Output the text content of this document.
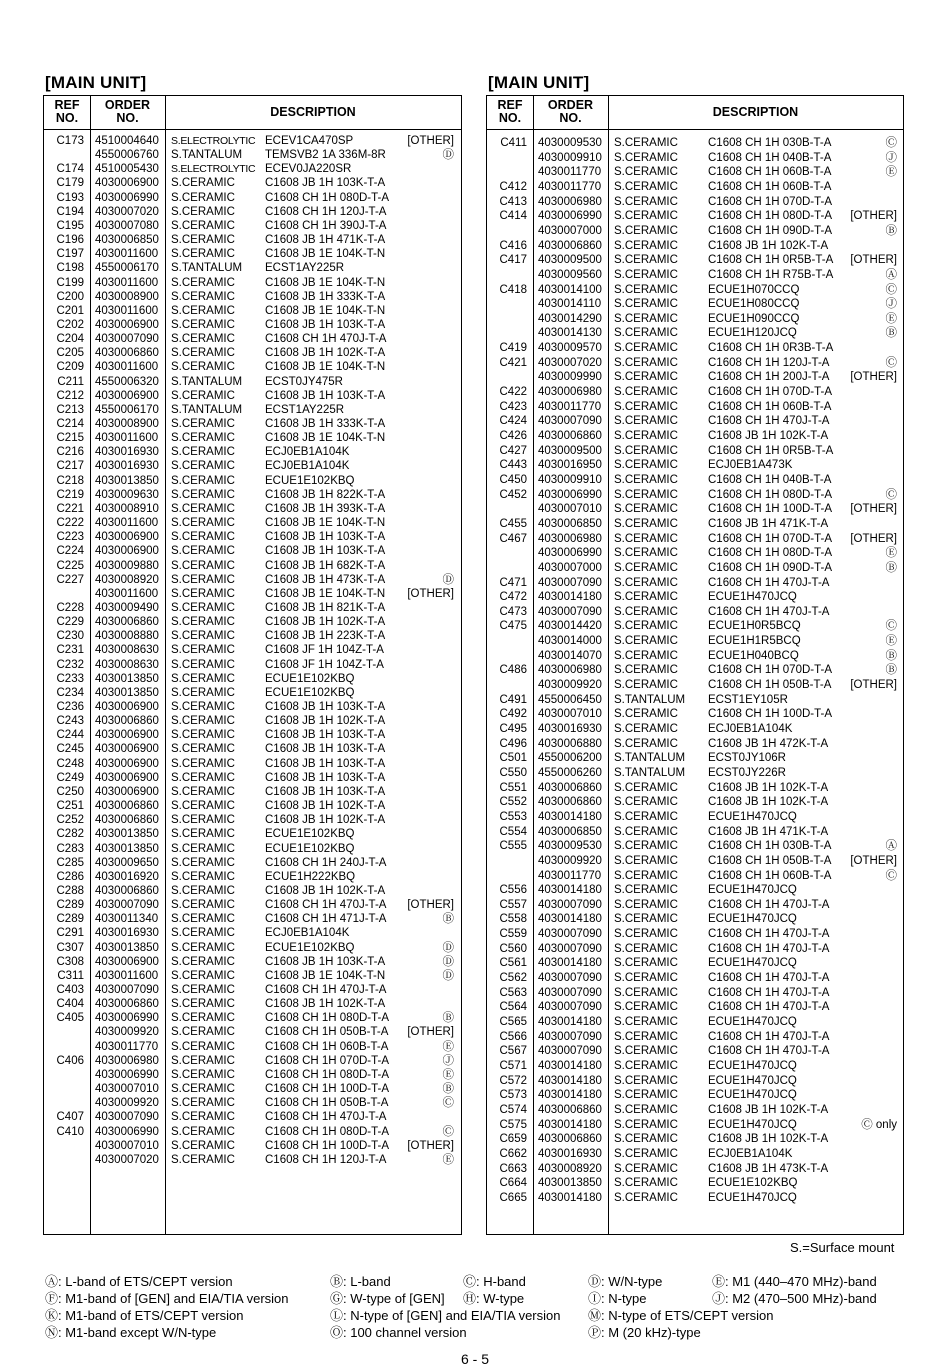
[MAIN UNIT]	[MAIN UNIT]
REF
NO.
ORDER
NO.	DESCRIPTION
C173 4510004640	S.ELECTROLYTIC ECEV1CA470SP	[OTHER]
4550006760	S.TANTALUM	TEMSVB2 1A 336M-8R	Ⓓ
C174 4510005430	S.ELECTROLYTIC ECEV0JA220SR
C179 4030006900	S.CERAMIC	C1608 JB 1H 103K-T-A
C193 4030006990	S.CERAMIC	C1608 CH 1H 080D-T-A
C194 4030007020	S.CERAMIC	C1608 CH 1H 120J-T-A
C195 4030007080	S.CERAMIC	C1608 CH 1H 390J-T-A
C196 4030006850	S.CERAMIC	C1608 JB 1H 471K-T-A
C197 4030011600	S.CERAMIC	C1608 JB 1E 104K-T-N
C198 4550006170	S.TANTALUM	ECST1AY225R
C199 4030011600	S.CERAMIC	C1608 JB 1E 104K-T-N
C200 4030008900	S.CERAMIC	C1608 JB 1H 333K-T-A
C201 4030011600	S.CERAMIC	C1608 JB 1E 104K-T-N
C202 4030006900	S.CERAMIC	C1608 JB 1H 103K-T-A
C204 4030007090	S.CERAMIC	C1608 CH 1H 470J-T-A
C205 4030006860	S.CERAMIC	C1608 JB 1H 102K-T-A
C209 4030011600	S.CERAMIC	C1608 JB 1E 104K-T-N
C211 4550006320	S.TANTALUM	ECST0JY475R
C212 4030006900	S.CERAMIC	C1608 JB 1H 103K-T-A
C213 4550006170	S.TANTALUM	ECST1AY225R
C214 4030008900	S.CERAMIC	C1608 JB 1H 333K-T-A
C215 4030011600	S.CERAMIC	C1608 JB 1E 104K-T-N
C216 4030016930	S.CERAMIC	ECJ0EB1A104K
C217 4030016930	S.CERAMIC	ECJ0EB1A104K
C218 4030013850	S.CERAMIC	ECUE1E102KBQ
C219 4030009630	S.CERAMIC	C1608 JB 1H 822K-T-A
C221 4030008910	S.CERAMIC	C1608 JB 1H 393K-T-A
C222 4030011600	S.CERAMIC	C1608 JB 1E 104K-T-N
C223 4030006900	S.CERAMIC	C1608 JB 1H 103K-T-A
C224 4030006900	S.CERAMIC	C1608 JB 1H 103K-T-A
C225 4030009880	S.CERAMIC	C1608 JB 1H 682K-T-A
C227 4030008920	S.CERAMIC	C1608 JB 1H 473K-T-A	Ⓓ
4030011600	S.CERAMIC	C1608 JB 1E 104K-T-N	[OTHER]
C228 4030009490	S.CERAMIC	C1608 JB 1H 821K-T-A
C229 4030006860	S.CERAMIC	C1608 JB 1H 102K-T-A
C230 4030008880	S.CERAMIC	C1608 JB 1H 223K-T-A
C231 4030008630	S.CERAMIC	C1608 JF 1H 104Z-T-A
C232 4030008630	S.CERAMIC	C1608 JF 1H 104Z-T-A
C233 4030013850	S.CERAMIC	ECUE1E102KBQ
C234 4030013850	S.CERAMIC	ECUE1E102KBQ
C236 4030006900	S.CERAMIC	C1608 JB 1H 103K-T-A
C243 4030006860	S.CERAMIC	C1608 JB 1H 102K-T-A
C244 4030006900	S.CERAMIC	C1608 JB 1H 103K-T-A
C245 4030006900	S.CERAMIC	C1608 JB 1H 103K-T-A
C248 4030006900	S.CERAMIC	C1608 JB 1H 103K-T-A
C249 4030006900	S.CERAMIC	C1608 JB 1H 103K-T-A
C250 4030006900	S.CERAMIC	C1608 JB 1H 103K-T-A
C251 4030006860	S.CERAMIC	C1608 JB 1H 102K-T-A
C252 4030006860	S.CERAMIC	C1608 JB 1H 102K-T-A
C282 4030013850	S.CERAMIC	ECUE1E102KBQ
C283 4030013850	S.CERAMIC	ECUE1E102KBQ
C285 4030009650	S.CERAMIC	C1608 CH 1H 240J-T-A
C286 4030016920	S.CERAMIC	ECUE1H222KBQ
C288 4030006860	S.CERAMIC	C1608 JB 1H 102K-T-A
C289 4030007090	S.CERAMIC	C1608 CH 1H 470J-T-A	[OTHER]
C289 4030011340	S.CERAMIC	C1608 CH 1H 471J-T-A	Ⓑ
C291 4030016930	S.CERAMIC	ECJ0EB1A104K
C307 4030013850	S.CERAMIC	ECUE1E102KBQ	Ⓓ
C308 4030006900	S.CERAMIC	C1608 JB 1H 103K-T-A	Ⓓ
C311 4030011600	S.CERAMIC	C1608 JB 1E 104K-T-N	Ⓓ
C403 4030007090	S.CERAMIC	C1608 CH 1H 470J-T-A
C404 4030006860	S.CERAMIC	C1608 JB 1H 102K-T-A
C405 4030006990	S.CERAMIC	C1608 CH 1H 080D-T-A	Ⓑ
4030009920	S.CERAMIC	C1608 CH 1H 050B-T-A	[OTHER]
4030011770	S.CERAMIC	C1608 CH 1H 060B-T-A	Ⓔ
C406 4030006980	S.CERAMIC	C1608 CH 1H 070D-T-A	Ⓙ
4030006990	S.CERAMIC	C1608 CH 1H 080D-T-A	Ⓔ
4030007010	S.CERAMIC	C1608 CH 1H 100D-T-A	Ⓑ
4030009920	S.CERAMIC	C1608 CH 1H 050B-T-A	Ⓒ
C407 4030007090	S.CERAMIC	C1608 CH 1H 470J-T-A
C410 4030006990	S.CERAMIC	C1608 CH 1H 080D-T-A	Ⓒ
4030007010	S.CERAMIC	C1608 CH 1H 100D-T-A	[OTHER]
4030007020	S.CERAMIC	C1608 CH 1H 120J-T-A	Ⓔ
REF
NO.
ORDER
NO.	DESCRIPTION
C411 4030009530	S.CERAMIC	C1608 CH 1H 030B-T-A	Ⓒ
4030009910	S.CERAMIC	C1608 CH 1H 040B-T-A	Ⓙ
4030011770	S.CERAMIC	C1608 CH 1H 060B-T-A	Ⓔ
C412 4030011770	S.CERAMIC	C1608 CH 1H 060B-T-A
C413 4030006980	S.CERAMIC	C1608 CH 1H 070D-T-A
C414 4030006990	S.CERAMIC	C1608 CH 1H 080D-T-A	[OTHER]
4030007000	S.CERAMIC	C1608 CH 1H 090D-T-A	Ⓑ
C416 4030006860	S.CERAMIC	C1608 JB 1H 102K-T-A
C417 4030009500	S.CERAMIC	C1608 CH 1H 0R5B-T-A	[OTHER]
4030009560	S.CERAMIC	C1608 CH 1H R75B-T-A	Ⓐ
C418 4030014100	S.CERAMIC	ECUE1H070CCQ	Ⓒ
4030014110	S.CERAMIC	ECUE1H080CCQ	Ⓙ
4030014290	S.CERAMIC	ECUE1H090CCQ	Ⓔ
4030014130	S.CERAMIC	ECUE1H120JCQ	Ⓑ
C419 4030009570	S.CERAMIC	C1608 CH 1H 0R3B-T-A
C421 4030007020	S.CERAMIC	C1608 CH 1H 120J-T-A	Ⓒ
4030009990	S.CERAMIC	C1608 CH 1H 200J-T-A	[OTHER]
C422 4030006980	S.CERAMIC	C1608 CH 1H 070D-T-A
C423 4030011770	S.CERAMIC	C1608 CH 1H 060B-T-A
C424 4030007090	S.CERAMIC	C1608 CH 1H 470J-T-A
C426 4030006860	S.CERAMIC	C1608 JB 1H 102K-T-A
C427 4030009500	S.CERAMIC	C1608 CH 1H 0R5B-T-A
C443 4030016950	S.CERAMIC	ECJ0EB1A473K
C450 4030009910	S.CERAMIC	C1608 CH 1H 040B-T-A
C452 4030006990	S.CERAMIC	C1608 CH 1H 080D-T-A	Ⓒ
4030007010	S.CERAMIC	C1608 CH 1H 100D-T-A	[OTHER]
C455 4030006850	S.CERAMIC	C1608 JB 1H 471K-T-A
C467 4030006980	S.CERAMIC	C1608 CH 1H 070D-T-A	[OTHER]
4030006990	S.CERAMIC	C1608 CH 1H 080D-T-A	Ⓔ
4030007000	S.CERAMIC	C1608 CH 1H 090D-T-A	Ⓑ
C471 4030007090	S.CERAMIC	C1608 CH 1H 470J-T-A
C472 4030014180	S.CERAMIC	ECUE1H470JCQ
C473 4030007090	S.CERAMIC	C1608 CH 1H 470J-T-A
C475 4030014420	S.CERAMIC	ECUE1H0R5BCQ	Ⓒ
4030014000	S.CERAMIC	ECUE1H1R5BCQ	Ⓔ
4030014070	S.CERAMIC	ECUE1H040BCQ	Ⓑ
C486 4030006980	S.CERAMIC	C1608 CH 1H 070D-T-A	Ⓑ
4030009920	S.CERAMIC	C1608 CH 1H 050B-T-A	[OTHER]
C491 4550006450	S.TANTALUM	ECST1EY105R
C492 4030007010	S.CERAMIC	C1608 CH 1H 100D-T-A
C495 4030016930	S.CERAMIC	ECJ0EB1A104K
C496 4030006880	S.CERAMIC	C1608 JB 1H 472K-T-A
C501 4550006200	S.TANTALUM	ECST0JY106R
C550 4550006260	S.TANTALUM	ECST0JY226R
C551 4030006860	S.CERAMIC	C1608 JB 1H 102K-T-A
C552 4030006860	S.CERAMIC	C1608 JB 1H 102K-T-A
C553 4030014180	S.CERAMIC	ECUE1H470JCQ
C554 4030006850	S.CERAMIC	C1608 JB 1H 471K-T-A
C555 4030009530	S.CERAMIC	C1608 CH 1H 030B-T-A	Ⓐ
4030009920	S.CERAMIC	C1608 CH 1H 050B-T-A	[OTHER]
4030011770	S.CERAMIC	C1608 CH 1H 060B-T-A	Ⓒ
C556 4030014180	S.CERAMIC	ECUE1H470JCQ
C557 4030007090	S.CERAMIC	C1608 CH 1H 470J-T-A
C558 4030014180	S.CERAMIC	ECUE1H470JCQ
C559 4030007090	S.CERAMIC	C1608 CH 1H 470J-T-A
C560 4030007090	S.CERAMIC	C1608 CH 1H 470J-T-A
C561 4030014180	S.CERAMIC	ECUE1H470JCQ
C562 4030007090	S.CERAMIC	C1608 CH 1H 470J-T-A
C563 4030007090	S.CERAMIC	C1608 CH 1H 470J-T-A
C564 4030007090	S.CERAMIC	C1608 CH 1H 470J-T-A
C565 4030014180	S.CERAMIC	ECUE1H470JCQ
C566 4030007090	S.CERAMIC	C1608 CH 1H 470J-T-A
C567 4030007090	S.CERAMIC	C1608 CH 1H 470J-T-A
C571 4030014180	S.CERAMIC	ECUE1H470JCQ
C572 4030014180	S.CERAMIC	ECUE1H470JCQ
C573 4030014180	S.CERAMIC	ECUE1H470JCQ
C574 4030006860	S.CERAMIC	C1608 JB 1H 102K-T-A
C575 4030014180	S.CERAMIC	ECUE1H470JCQ	Ⓒ only
C659 4030006860	S.CERAMIC	C1608 JB 1H 102K-T-A
C662 4030016930	S.CERAMIC	ECJ0EB1A104K
C663 4030008920	S.CERAMIC	C1608 JB 1H 473K-T-A
C664 4030013850	S.CERAMIC	ECUE1E102KBQ
C665 4030014180	S.CERAMIC	ECUE1H470JCQ
S.=Surface mount
Ⓐ: L-band of ETS/CEPT version	Ⓑ: L-band	Ⓒ: H-band	Ⓓ: W/N-type	Ⓔ: M1 (440–470 MHz)-band
Ⓕ: M1-band of [GEN] and EIA/TIA version	Ⓖ: W-type of [GEN] Ⓗ: W-type	Ⓘ: N-type	Ⓙ: M2 (470–500 MHz)-band
Ⓚ: M1-band of ETS/CEPT version	Ⓛ: N-type of [GEN] and EIA/TIA version Ⓜ: N-type of ETS/CEPT version
Ⓝ: M1-band except W/N-type	Ⓞ: 100 channel version	Ⓟ: M (20 kHz)-type
6 - 5
